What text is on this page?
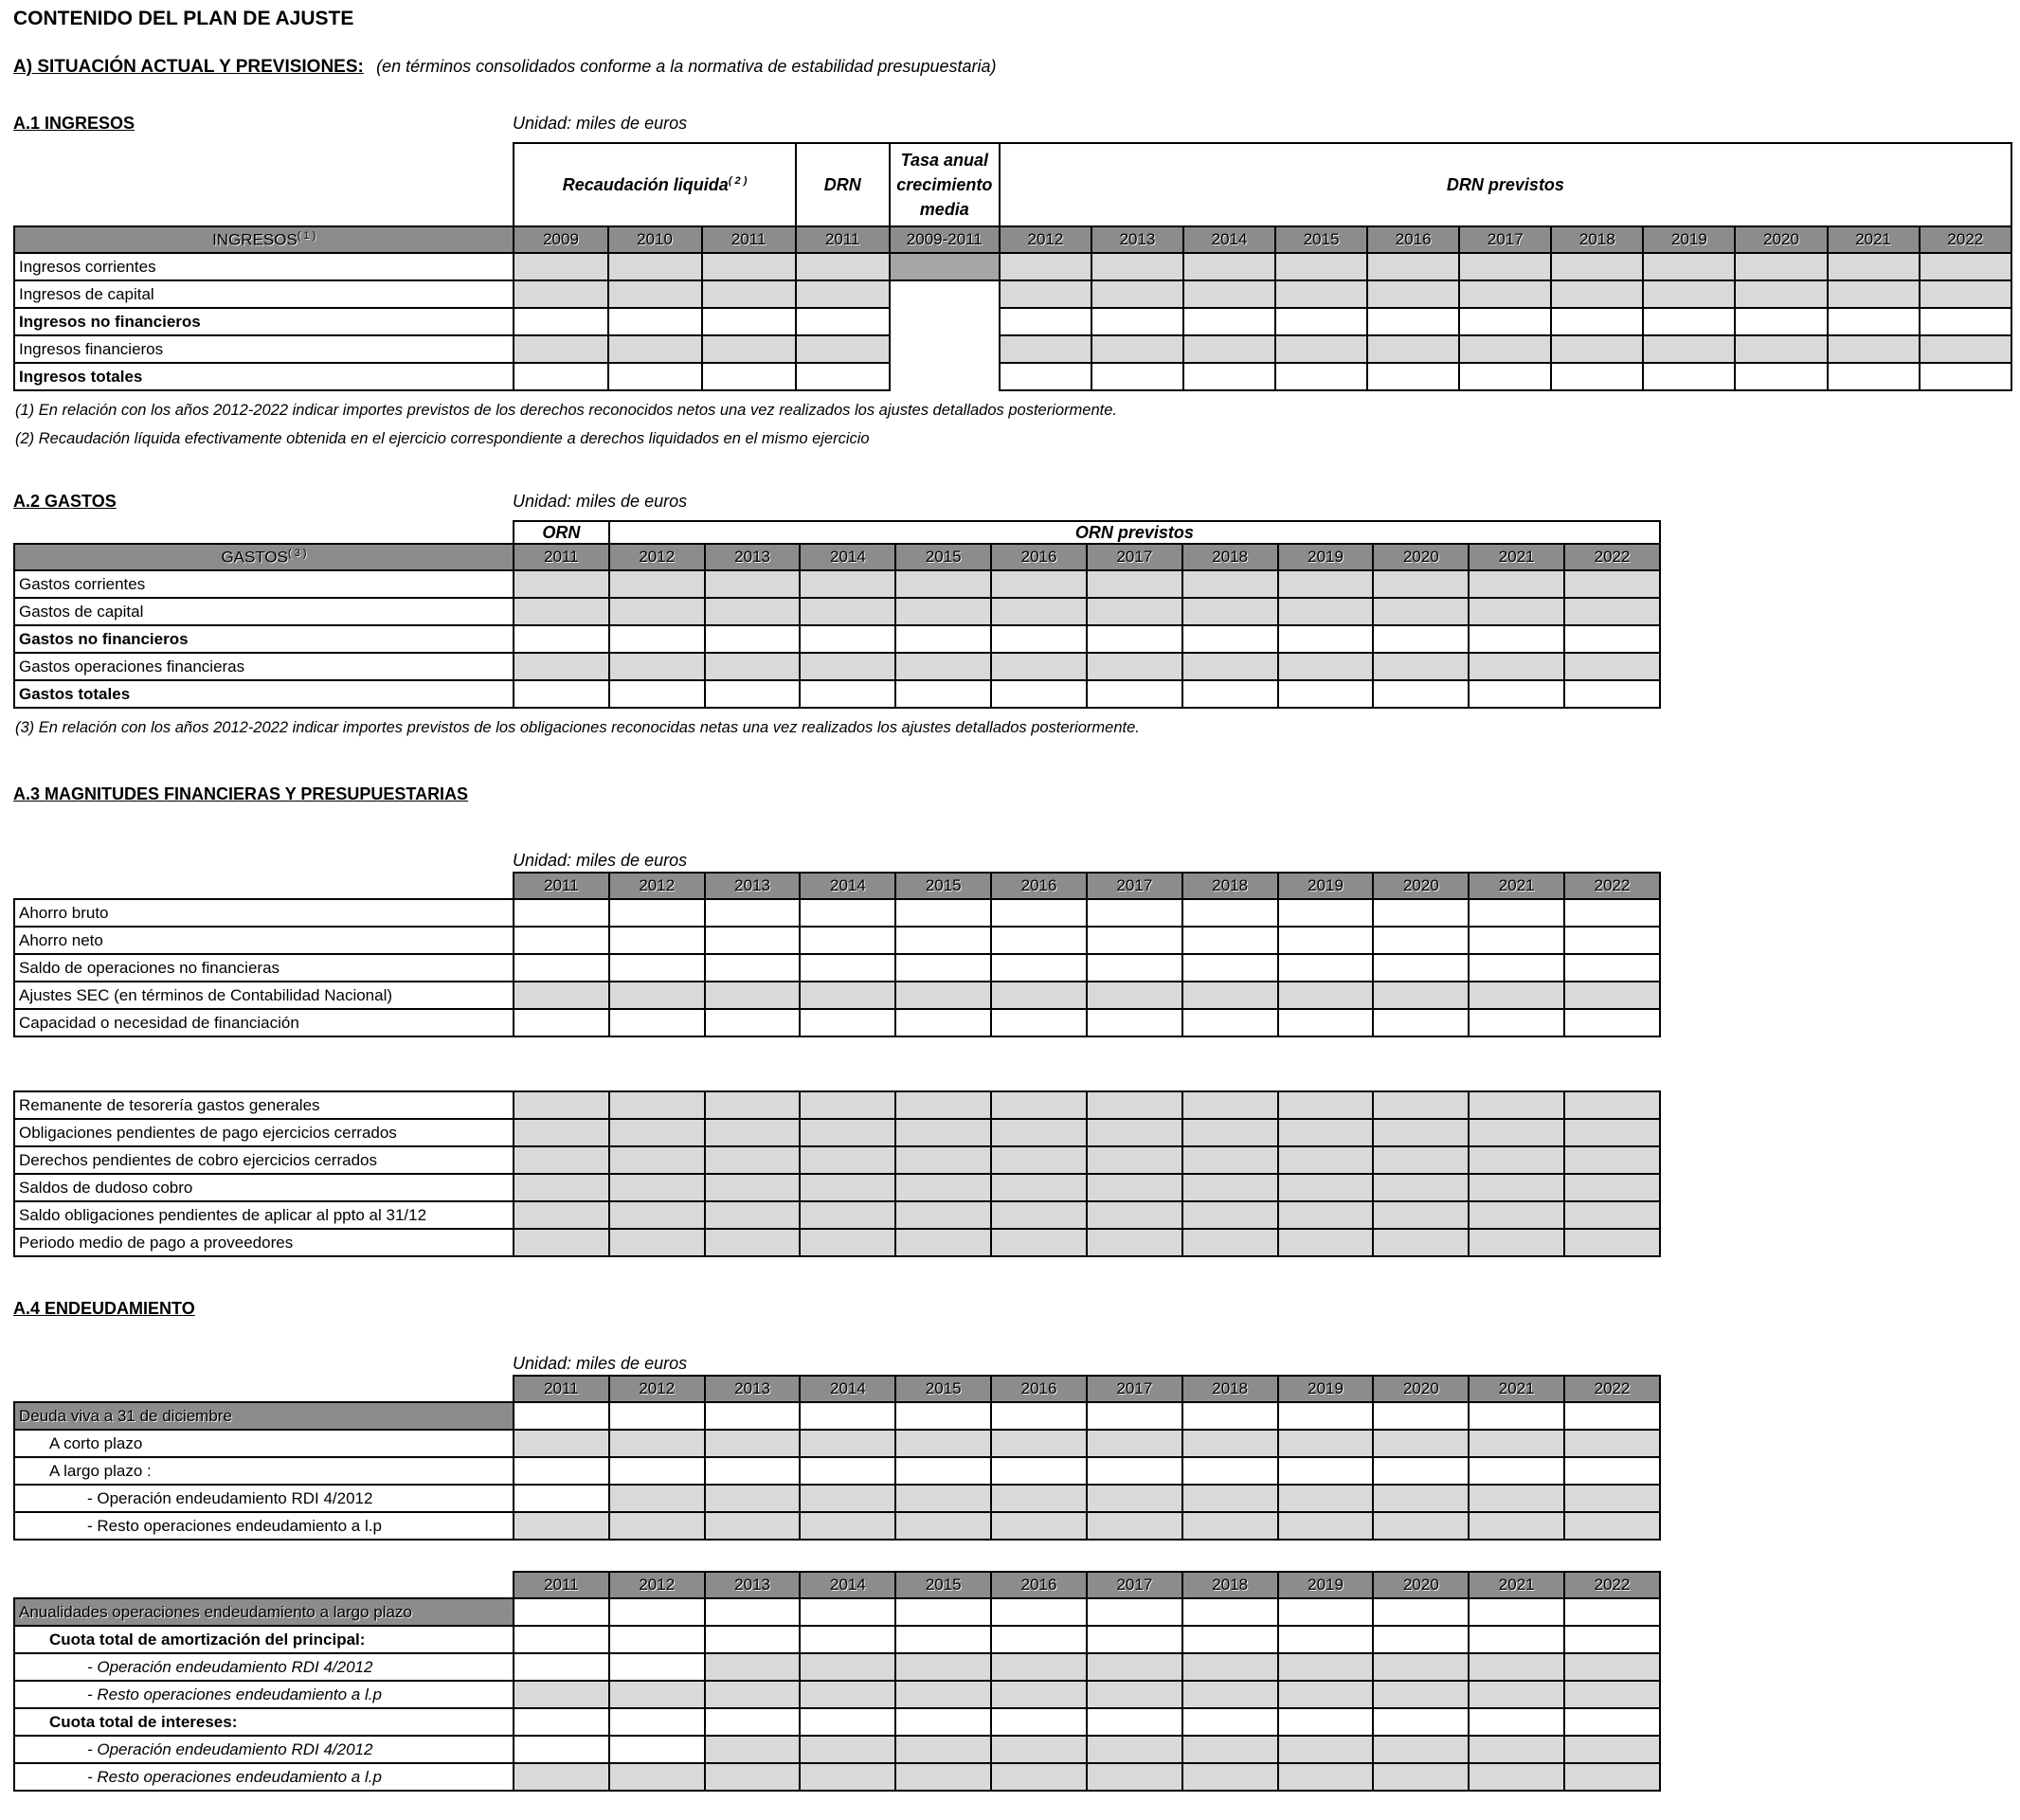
CONTENIDO DEL PLAN DE AJUSTE
A) SITUACIÓN ACTUAL Y PREVISIONES: (en términos consolidados conforme a la normativa de estabilidad presupuestaria)
A.1 INGRESOS	Unidad: miles de euros
	Recaudación liquida$^{( 2 )}$			DRN	Tasa anual crecimiento media	DRN previstos										
$INGRESOS^{( 1 )}$	2009	2010	2011	2011	2009-2011	2012	2013	2014	2015	2016	2017	2018	2019	2020	2021	2022
Ingresos corrientes																
Ingresos de capital																
Ingresos no financieros																
Ingresos financieros																
Ingresos totales																
(1) En relación con los años 2012-2022 indicar importes previstos de los derechos reconocidos netos una vez realizados los ajustes detallados posteriormente.
(2) Recaudación líquida efectivamente obtenida en el ejercicio correspondiente a derechos liquidados en el mismo ejercicio
A.2 GASTOS	Unidad: miles de euros
	ORN	ORN previstos										
$GASTOS^{( 3 )}$	2011	2012	2013	2014	2015	2016	2017	2018	2019	2020	2021	2022
Gastos corrientes												
Gastos de capital												
Gastos no financieros												
Gastos operaciones financieras												
Gastos totales												
(3) En relación con los años 2012-2022 indicar importes previstos de los obligaciones reconocidas netas una vez realizados los ajustes detallados posteriormente.
A.3 MAGNITUDES FINANCIERAS Y PRESUPUESTARIAS
Unidad: miles de euros
	2011	2012	2013	2014	2015	2016	2017	2018	2019	2020	2021	2022
Ahorro bruto												
Ahorro neto												
Saldo de operaciones no financieras												
Ajustes SEC (en términos de Contabilidad Nacional)												
Capacidad o necesidad de financiación												
Remanente de tesorería gastos generales												
Obligaciones pendientes de pago ejercicios cerrados												
Derechos pendientes de cobro ejercicios cerrados												
Saldos de dudoso cobro												
Saldo obligaciones pendientes de aplicar al ppto al 31/12												
Periodo medio de pago a proveedores												
A.4 ENDEUDAMIENTO
Unidad: miles de euros
	2011	2012	2013	2014	2015	2016	2017	2018	2019	2020	2021	2022
Deuda viva a 31 de diciembre												
A corto plazo												
A largo plazo :												
- Operación endeudamiento RDI 4/2012												
- Resto operaciones endeudamiento a l.p												
	2011	2012	2013	2014	2015	2016	2017	2018	2019	2020	2021	2022
Anualidades operaciones endeudamiento a largo plazo												
Cuota total de amortización del principal:												
- Operación endeudamiento RDI 4/2012												
- Resto operaciones endeudamiento a l.p												
Cuota total de intereses:												
- Operación endeudamiento RDI 4/2012												
- Resto operaciones endeudamiento a l.p												
